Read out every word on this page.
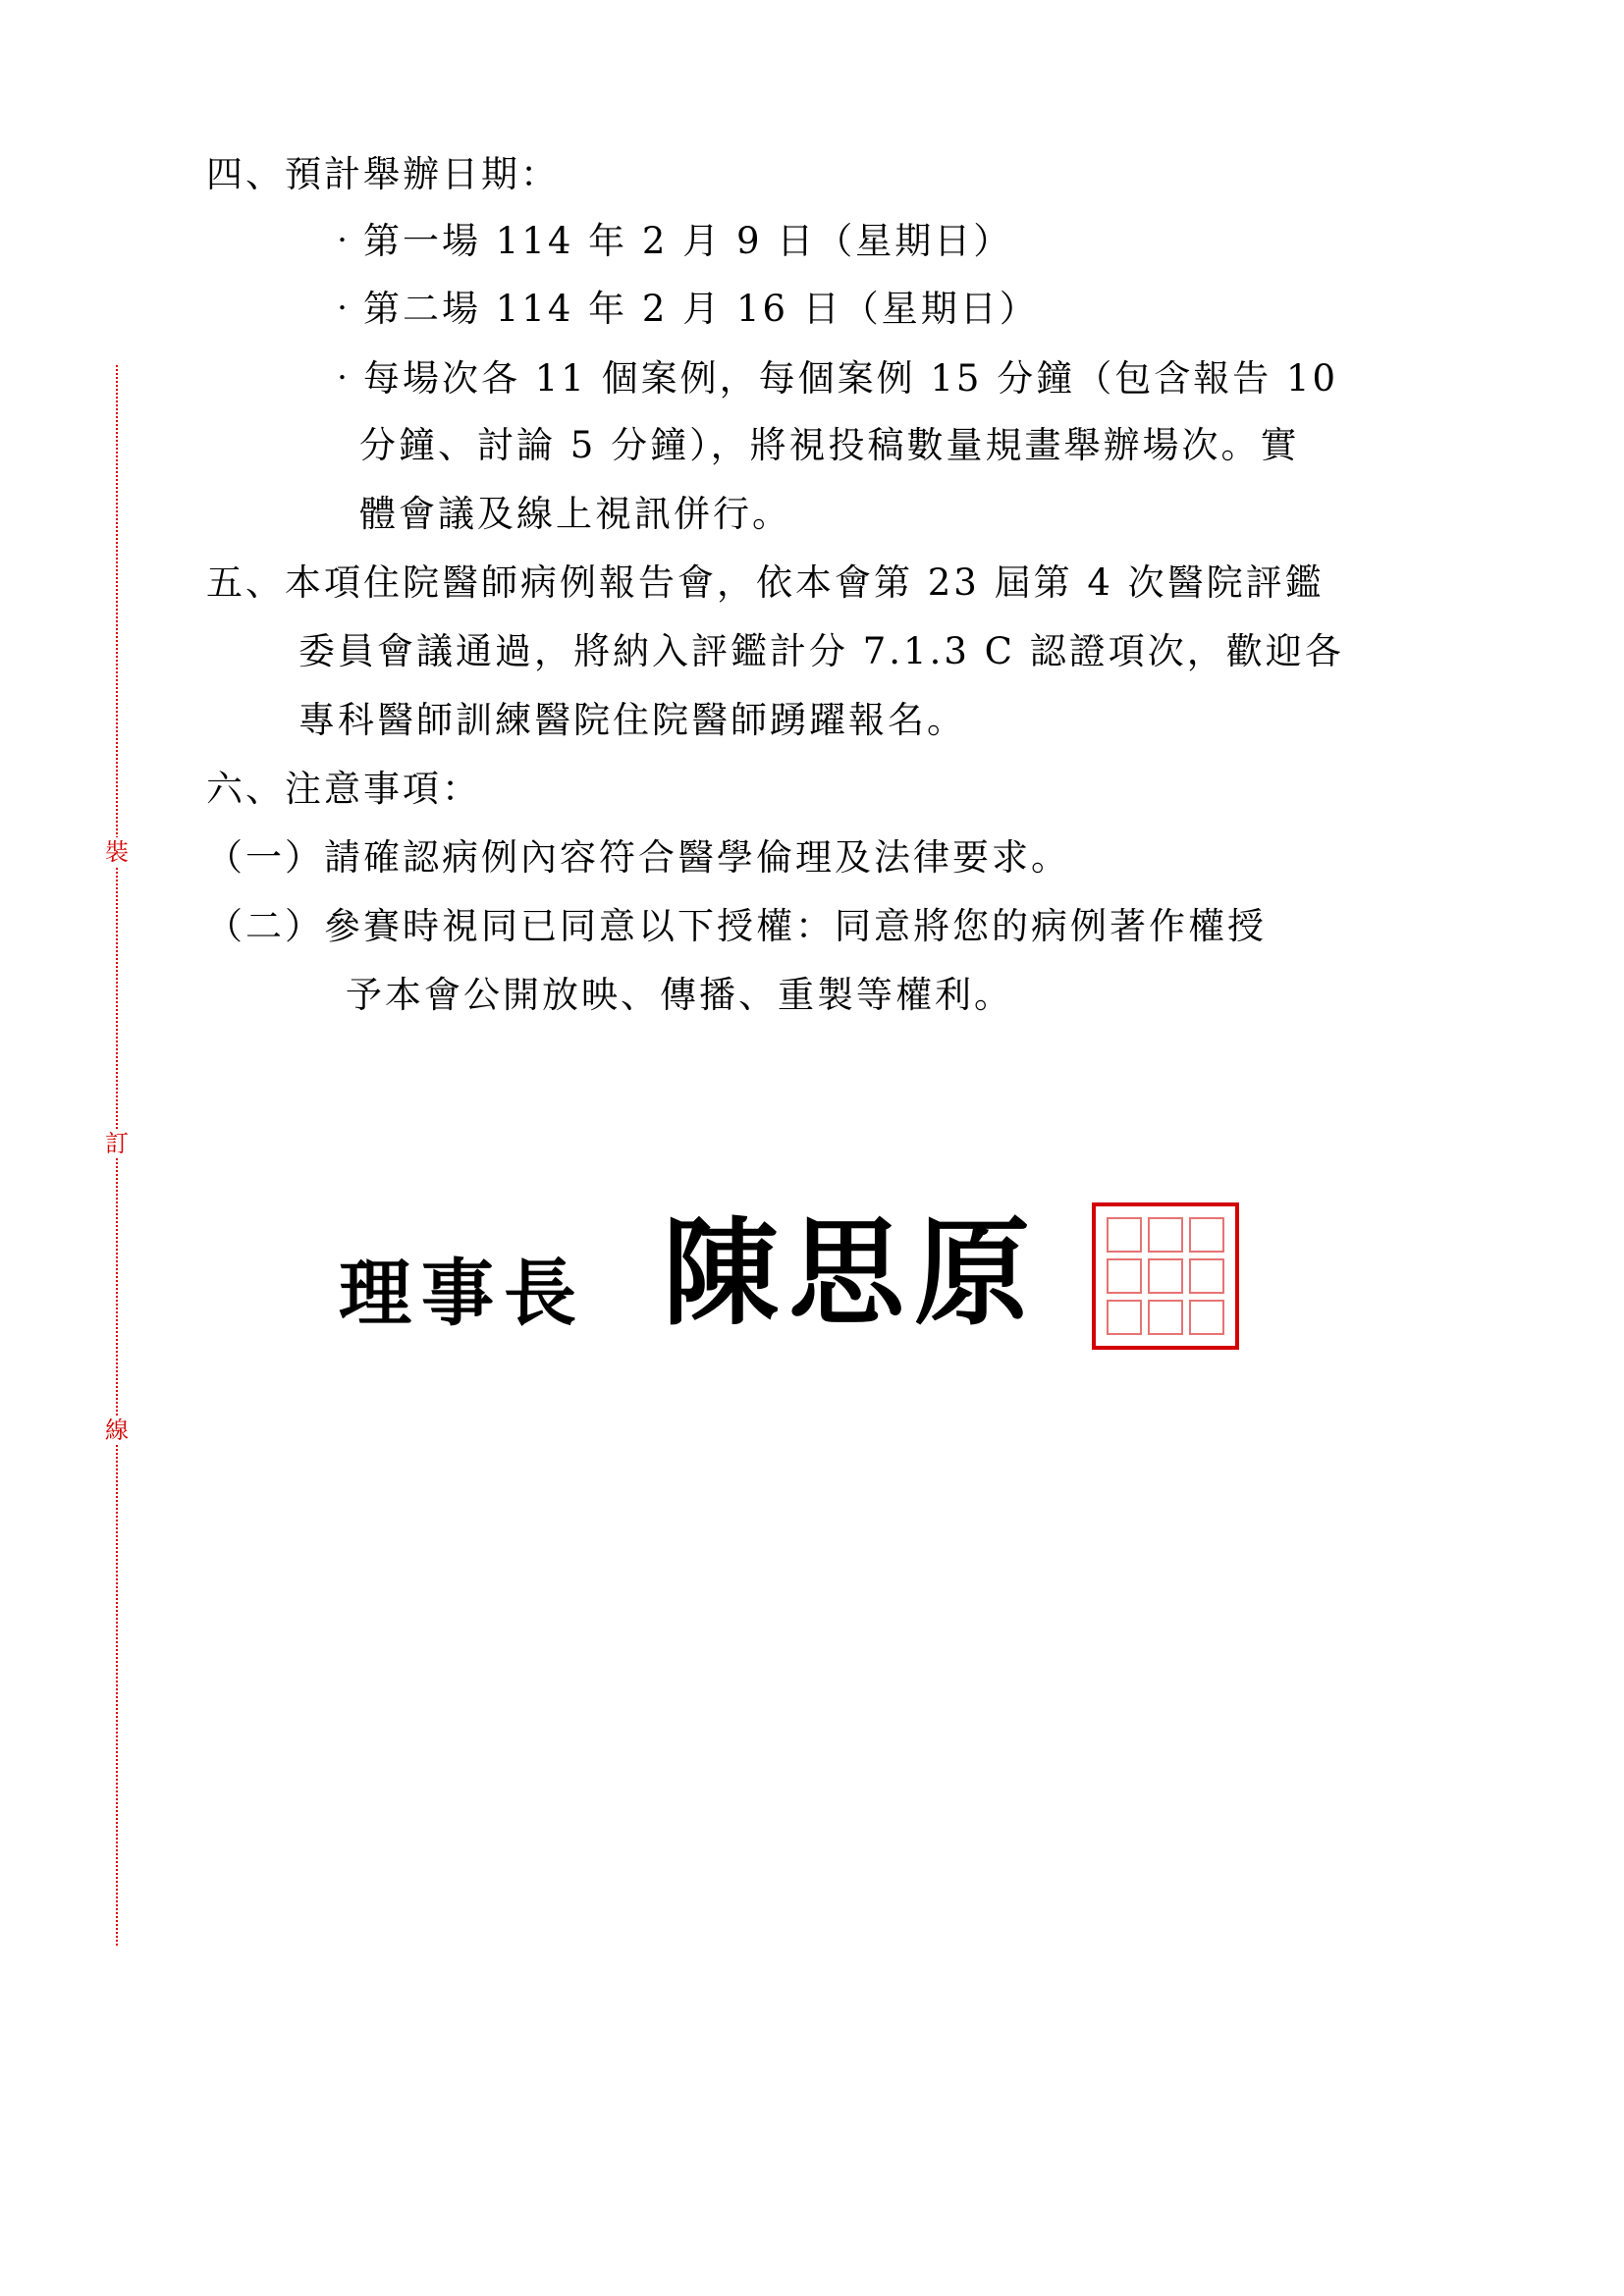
裝
訂
線
四、預計舉辦日期：
‧第一場 114 年 2 月 9 日（星期日）
‧第二場 114 年 2 月 16 日（星期日）
‧每場次各 11 個案例，每個案例 15 分鐘（包含報告 10
分鐘、討論 5 分鐘），將視投稿數量規畫舉辦場次。實
體會議及線上視訊併行。
五、本項住院醫師病例報告會，依本會第 23 屆第 4 次醫院評鑑
委員會議通過，將納入評鑑計分 7.1.3 C 認證項次，歡迎各
專科醫師訓練醫院住院醫師踴躍報名。
六、注意事項：
（一）請確認病例內容符合醫學倫理及法律要求。
（二）參賽時視同已同意以下授權：同意將您的病例著作權授
予本會公開放映、傳播、重製等權利。
理事長 陳思原
